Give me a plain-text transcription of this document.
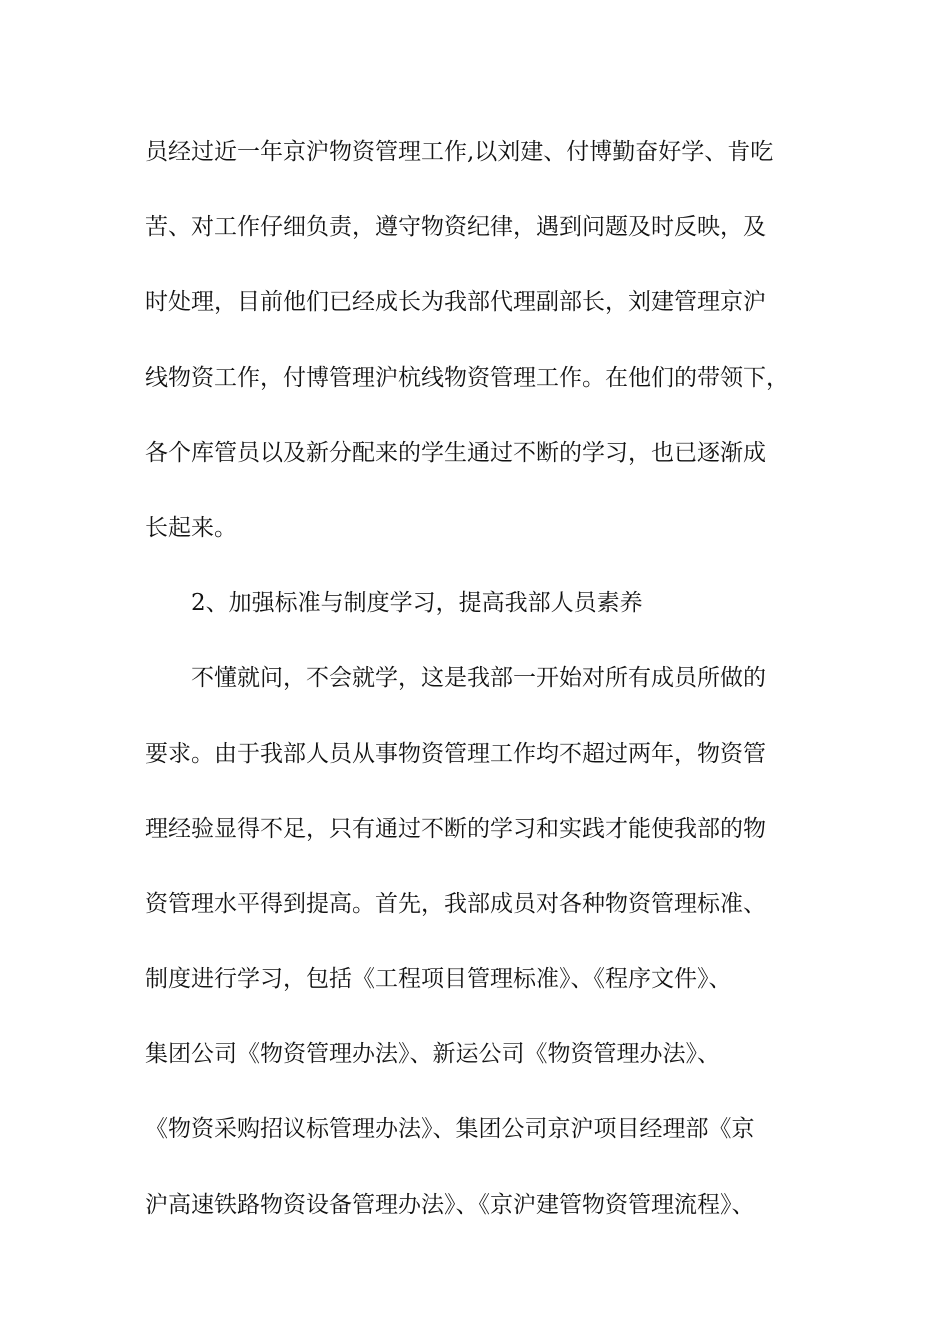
员经过近一年京沪物资管理工作,以刘建、付博勤奋好学、肯吃
苦、对工作仔细负责，遵守物资纪律，遇到问题及时反映，及
时处理，目前他们已经成长为我部代理副部长，刘建管理京沪
线物资工作，付博管理沪杭线物资管理工作。在他们的带领下，
各个库管员以及新分配来的学生通过不断的学习，也已逐渐成
长起来。
2、加强标准与制度学习，提高我部人员素养
不懂就问，不会就学，这是我部一开始对所有成员所做的
要求。由于我部人员从事物资管理工作均不超过两年，物资管
理经验显得不足，只有通过不断的学习和实践才能使我部的物
资管理水平得到提高。首先，我部成员对各种物资管理标准、
制度进行学习，包括《工程项目管理标准》、《程序文件》、
集团公司《物资管理办法》、新运公司《物资管理办法》、
《物资采购招议标管理办法》、集团公司京沪项目经理部《京
沪高速铁路物资设备管理办法》、《京沪建管物资管理流程》、
